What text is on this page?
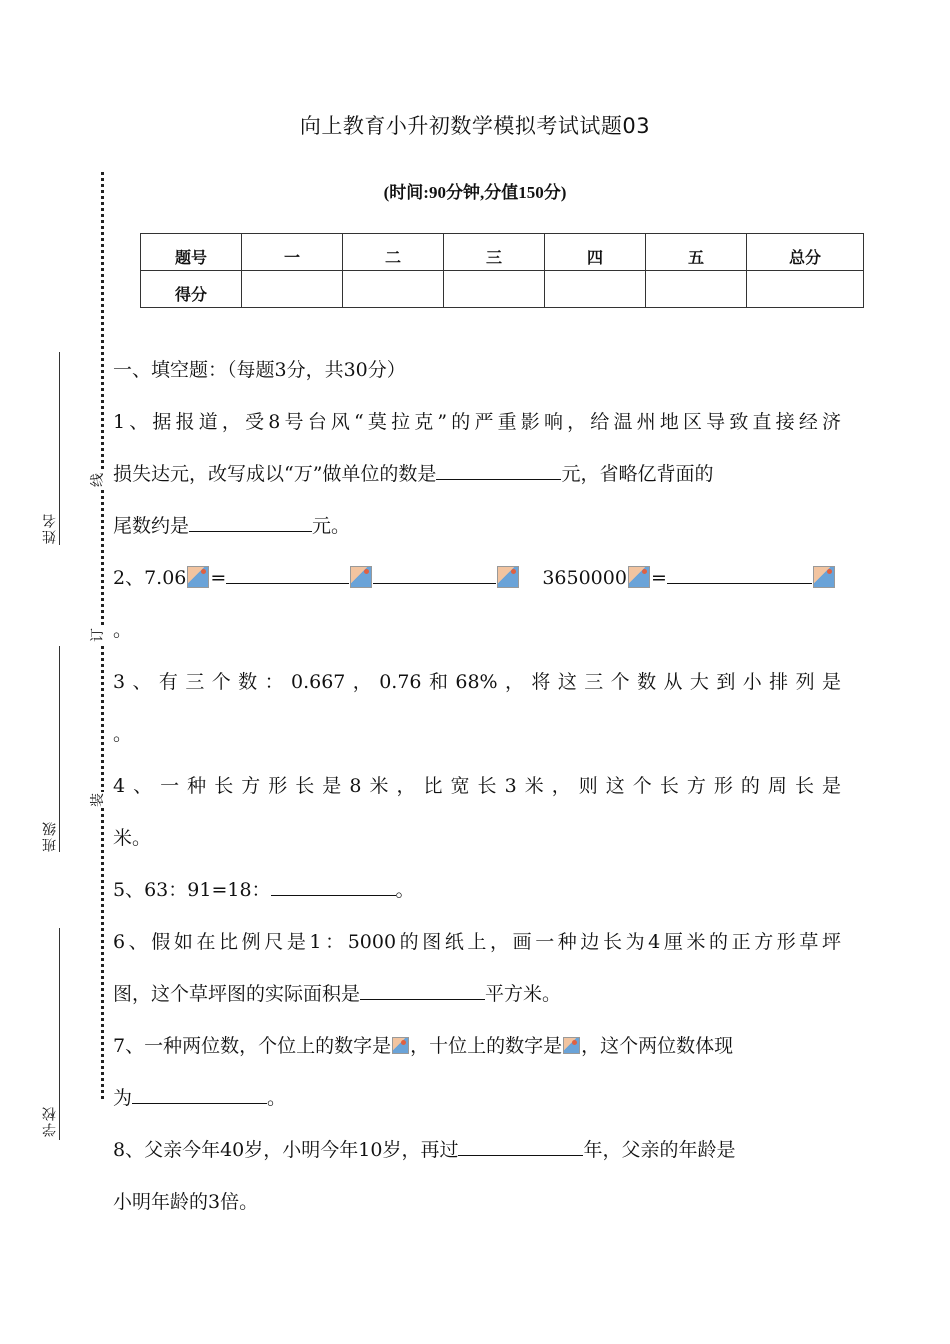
向上教育小升初数学模拟考试试题03
(时间:90分钟,分值150分)
线
订
装
姓名
班级
学校
题号	一	二	三	四	五	总分
得分						

一、填空题：（每题3分，共30分）

1、据报道，受8号台风“莫拉克”的严重影响，给温州地区导致直接经济

损失达元，改写成以“万”做单位的数是	元，省略亿背面的

尾数约是	元。

2、7.06 =	3650000 =

。

3、有三个数：0.667，0.76和68%，将这三个数从大到小排列是

。

4、一种长方形长是8米，比宽长3米，则这个长方形的周长是

米。

5、63：91=18：	。

6、假如在比例尺是1：5000的图纸上，画一种边长为4厘米的正方形草坪

图，这个草坪图的实际面积是	平方米。

7、一种两位数，个位上的数字是 ，十位上的数字是 ，这个两位数体现

为	。

8、父亲今年40岁，小明今年10岁，再过	年，父亲的年龄是

小明年龄的3倍。
